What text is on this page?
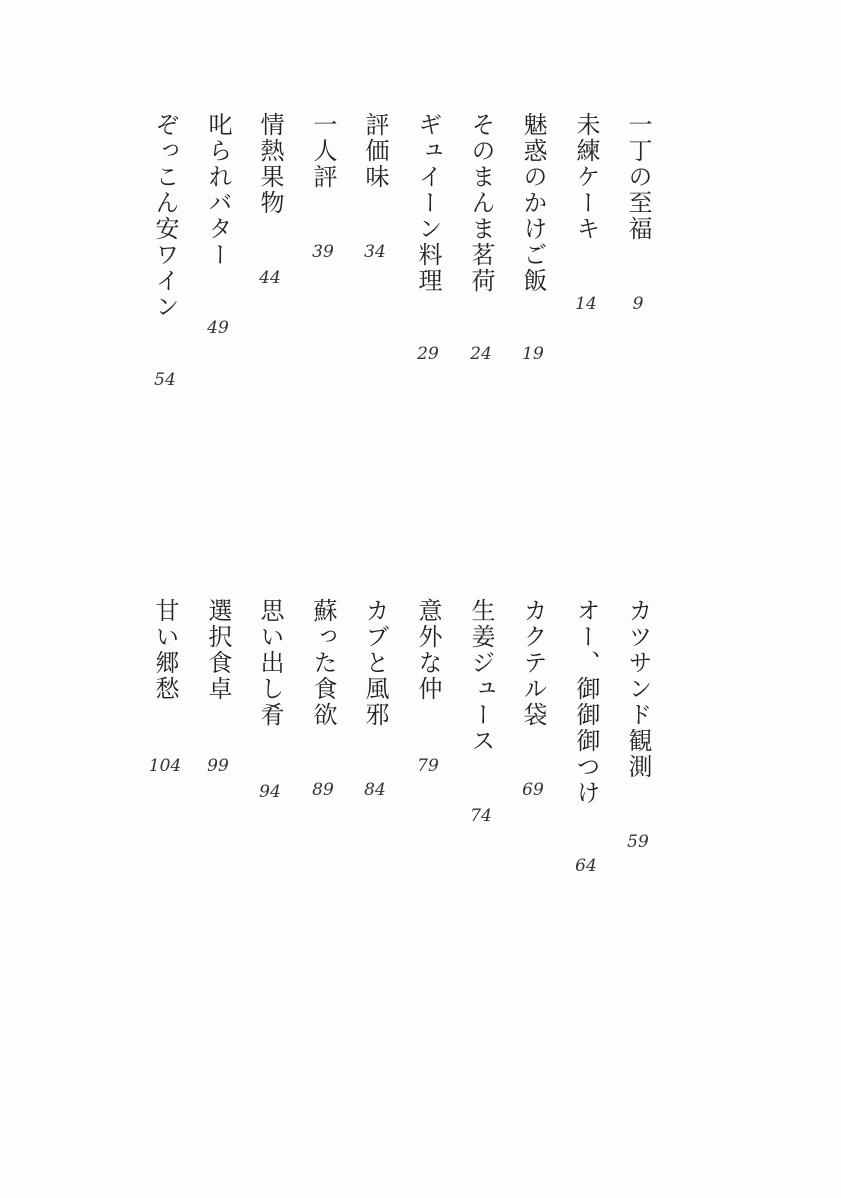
一丁の至福
9
未練ケーキ
14
魅惑のかけご飯
19
そのまんま茗荷
24
ギュイーン料理
29
評価味
34
一人評
39
情熱果物
44
叱られバター
49
ぞっこん安ワイン
54
カツサンド観測
59
オー、御御御つけ
64
カクテル袋
69
生姜ジュース
74
意外な仲
79
カブと風邪
84
蘇った食欲
89
思い出し肴
94
選択食卓
99
甘い郷愁
104
